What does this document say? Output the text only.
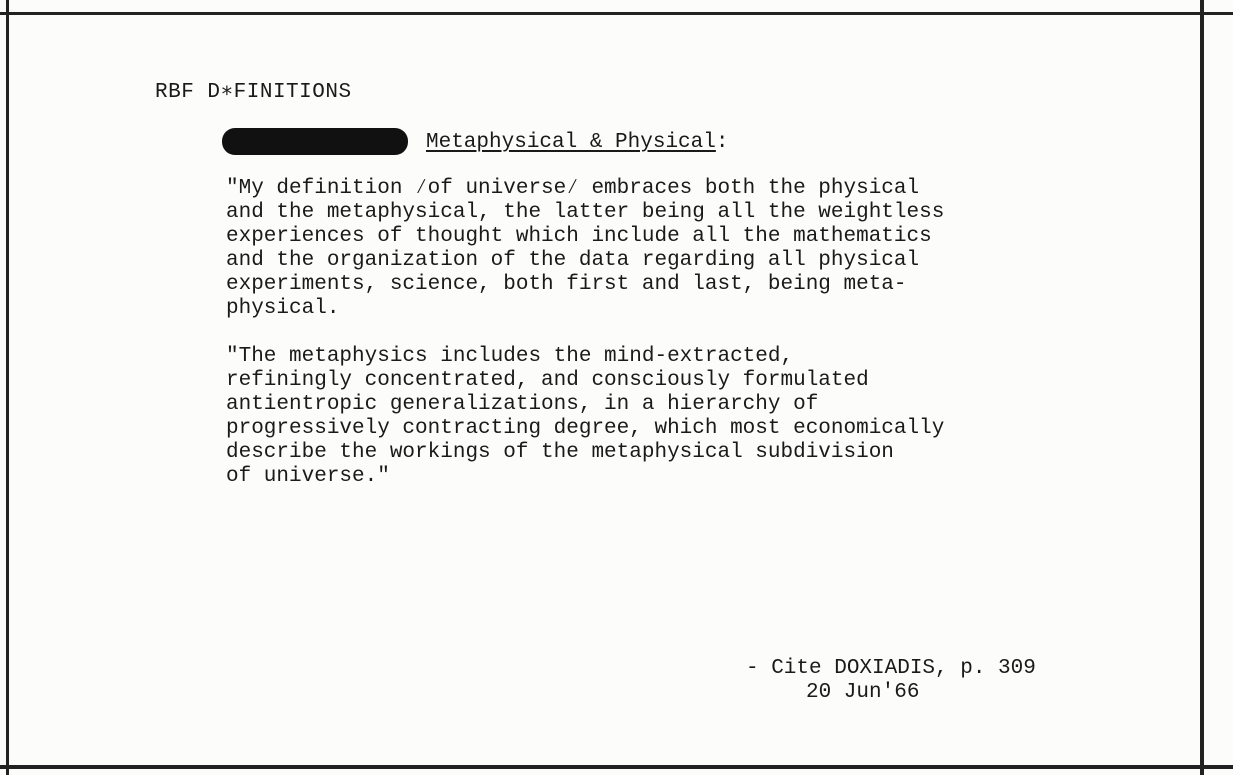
RBF D∗FINITIONS
Metaphysical & Physical:

"My definition ∕of universe∕ embraces both the physical
and the metaphysical, the latter being all the weightless
experiences of thought which include all the mathematics
and the organization of the data regarding all physical
experiments, science, both first and last, being meta-
physical.

"The metaphysics includes the mind-extracted,
refiningly concentrated, and consciously formulated
antientropic generalizations, in a hierarchy of
progressively contracting degree, which most economically
describe the workings of the metaphysical subdivision
of universe."

- Cite DOXIADIS, p. 309
20 Jun'66
